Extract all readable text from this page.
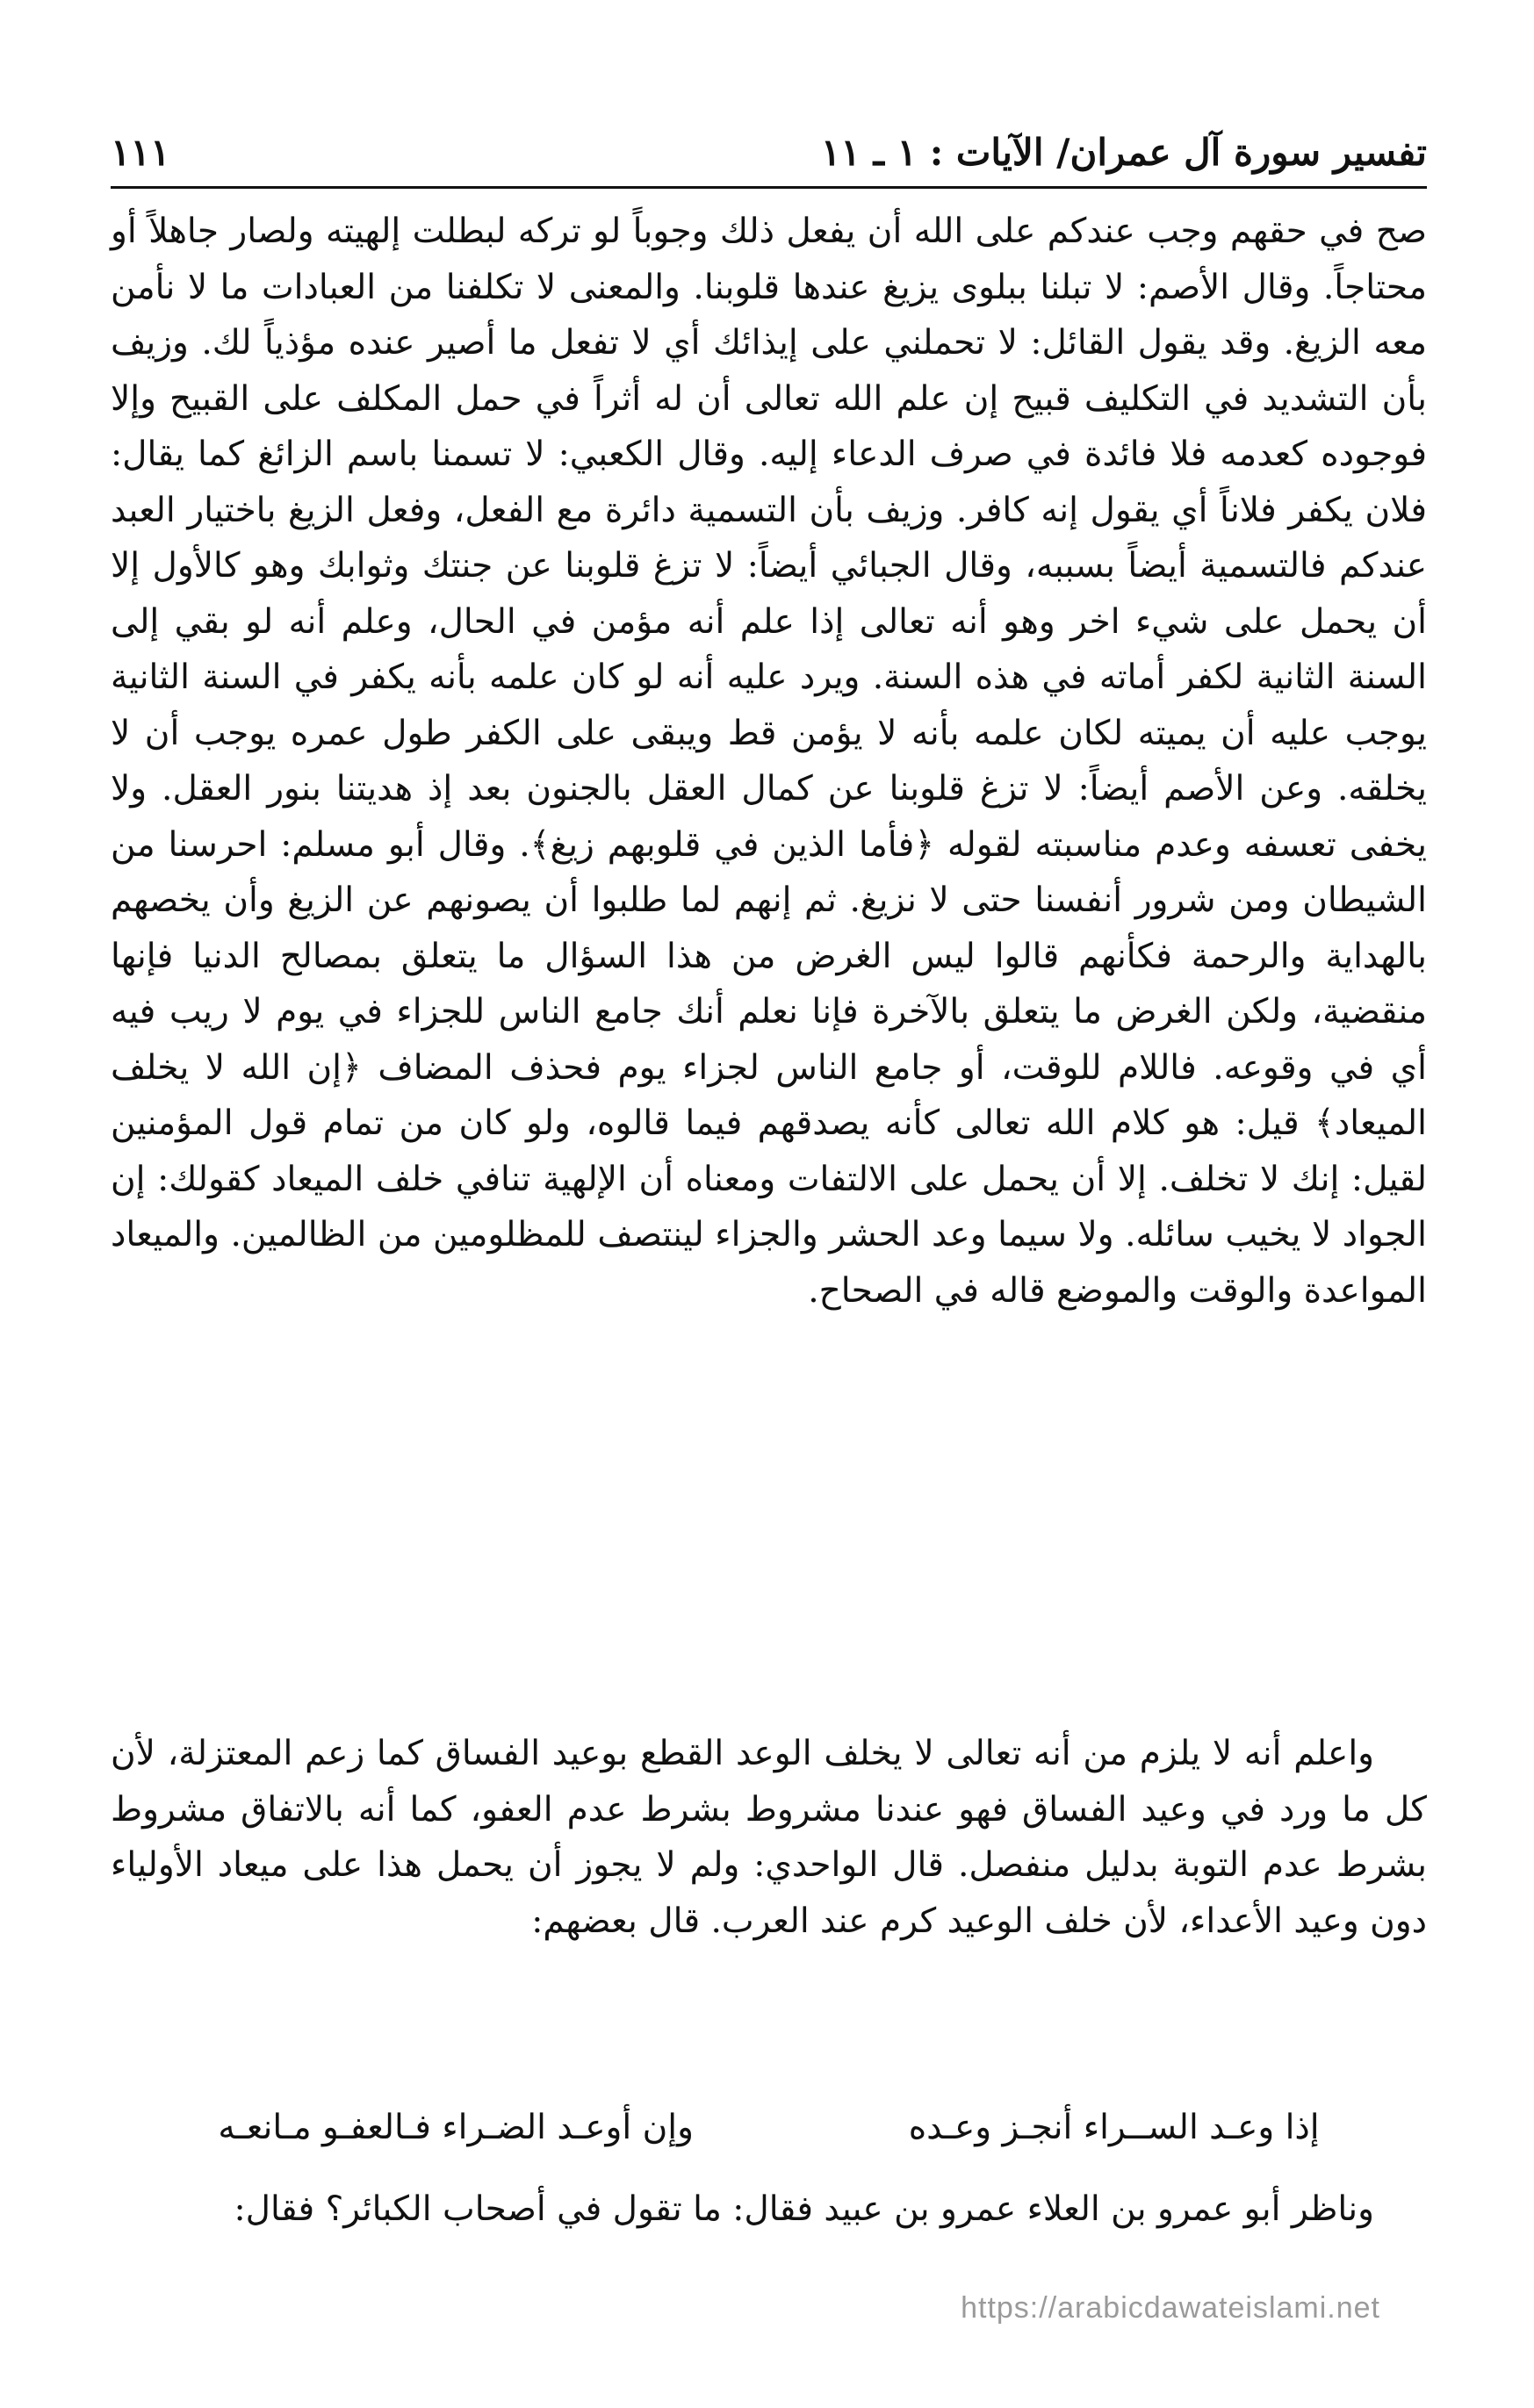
تفسير سورة آل عمران/ الآيات : ١ ـ ١١
١١١

صح في حقهم وجب عندكم على الله أن يفعل ذلك وجوباً لو تركه لبطلت إلهيته ولصار جاهلاً أو محتاجاً. وقال الأصم: لا تبلنا ببلوى يزيغ عندها قلوبنا. والمعنى لا تكلفنا من العبادات ما لا نأمن معه الزيغ. وقد يقول القائل: لا تحملني على إيذائك أي لا تفعل ما أصير عنده مؤذياً لك. وزيف بأن التشديد في التكليف قبيح إن علم الله تعالى أن له أثراً في حمل المكلف على القبيح وإلا فوجوده كعدمه فلا فائدة في صرف الدعاء إليه. وقال الكعبي: لا تسمنا باسم الزائغ كما يقال: فلان يكفر فلاناً أي يقول إنه كافر. وزيف بأن التسمية دائرة مع الفعل، وفعل الزيغ باختيار العبد عندكم فالتسمية أيضاً بسببه، وقال الجبائي أيضاً: لا تزغ قلوبنا عن جنتك وثوابك وهو كالأول إلا أن يحمل على شيء اخر وهو أنه تعالى إذا علم أنه مؤمن في الحال، وعلم أنه لو بقي إلى السنة الثانية لكفر أماته في هذه السنة. ويرد عليه أنه لو كان علمه بأنه يكفر في السنة الثانية يوجب عليه أن يميته لكان علمه بأنه لا يؤمن قط ويبقى على الكفر طول عمره يوجب أن لا يخلقه. وعن الأصم أيضاً: لا تزغ قلوبنا عن كمال العقل بالجنون بعد إذ هديتنا بنور العقل. ولا يخفى تعسفه وعدم مناسبته لقوله ﴿فأما الذين في قلوبهم زيغ﴾. وقال أبو مسلم: احرسنا من الشيطان ومن شرور أنفسنا حتى لا نزيغ. ثم إنهم لما طلبوا أن يصونهم عن الزيغ وأن يخصهم بالهداية والرحمة فكأنهم قالوا ليس الغرض من هذا السؤال ما يتعلق بمصالح الدنيا فإنها منقضية، ولكن الغرض ما يتعلق بالآخرة فإنا نعلم أنك جامع الناس للجزاء في يوم لا ريب فيه أي في وقوعه. فاللام للوقت، أو جامع الناس لجزاء يوم فحذف المضاف ﴿إن الله لا يخلف الميعاد﴾ قيل: هو كلام الله تعالى كأنه يصدقهم فيما قالوه، ولو كان من تمام قول المؤمنين لقيل: إنك لا تخلف. إلا أن يحمل على الالتفات ومعناه أن الإلهية تنافي خلف الميعاد كقولك: إن الجواد لا يخيب سائله. ولا سيما وعد الحشر والجزاء لينتصف للمظلومين من الظالمين. والميعاد المواعدة والوقت والموضع قاله في الصحاح.

واعلم أنه لا يلزم من أنه تعالى لا يخلف الوعد القطع بوعيد الفساق كما زعم المعتزلة، لأن كل ما ورد في وعيد الفساق فهو عندنا مشروط بشرط عدم العفو، كما أنه بالاتفاق مشروط بشرط عدم التوبة بدليل منفصل. قال الواحدي: ولم لا يجوز أن يحمل هذا على ميعاد الأولياء دون وعيد الأعداء، لأن خلف الوعيد كرم عند العرب. قال بعضهم:

إذا وعـد الســراء أنجـز وعـده
وإن أوعـد الضـراء فـالعفـو مـانعـه
وناظر أبو عمرو بن العلاء عمرو بن عبيد فقال: ما تقول في أصحاب الكبائر؟ فقال:
https://arabicdawateislami.net
